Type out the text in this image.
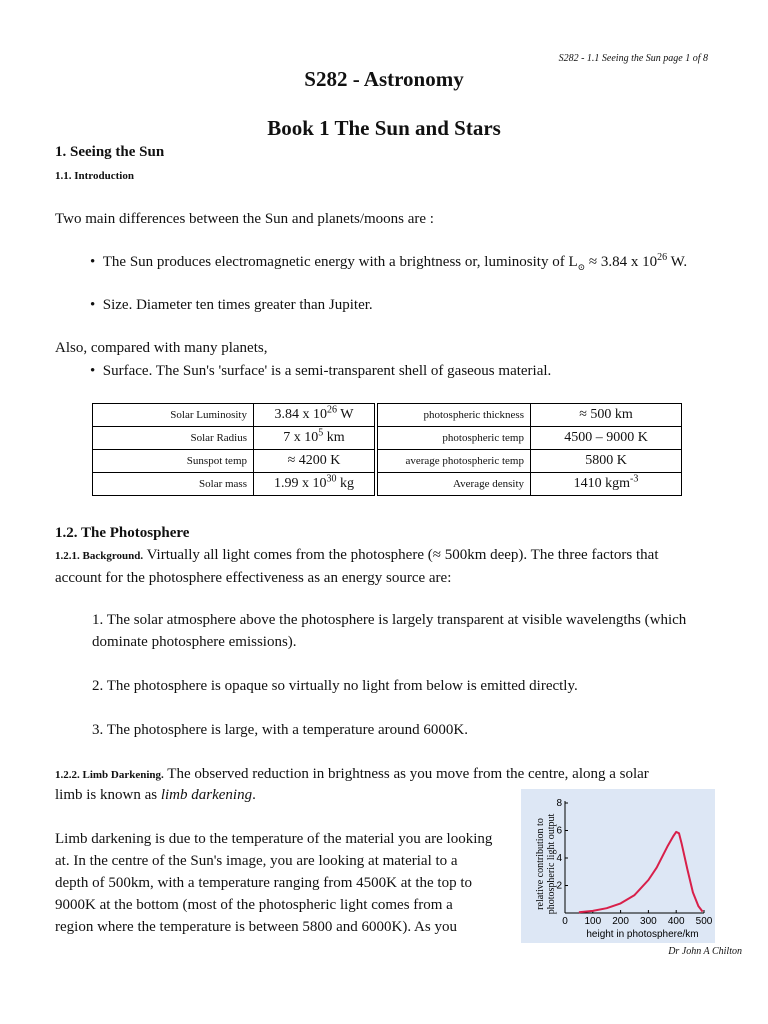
S282 - 1.1 Seeing the Sun page 1 of 8
S282 - Astronomy
Book 1 The Sun and Stars
1. Seeing the Sun
1.1. Introduction
Two main differences between the Sun and planets/moons are :
•  The Sun produces electromagnetic energy with a brightness or, luminosity of $L_⊙ \approx 3.84$ x $10^{26}$ W.
•  Size. Diameter ten times greater than Jupiter.
Also, compared with many planets,
•  Surface. The Sun's 'surface' is a semi-transparent shell of gaseous material.
Solar Luminosity	3.84 x $10^{26}$ W		photospheric thickness	≈ 500 km
Solar Radius	7 x $10^5$ km		photospheric temp	4500 – 9000 K
Sunspot temp	≈ 4200 K		average photospheric temp	5800 K
Solar mass	1.99 x $10^{30}$ kg		Average density	1410 kgm$^{-3}$
1.2. The Photosphere
1.2.1. Background. Virtually all light comes from the photosphere (≈ 500km deep). The three factors that
account for the photosphere effectiveness as an energy source are:
1. The solar atmosphere above the photosphere is largely transparent at visible wavelengths (which
dominate photosphere emissions).
2. The photosphere is opaque so virtually no light from below is emitted directly.
3. The photosphere is large, with a temperature around 6000K.
1.2.2. Limb Darkening. The observed reduction in brightness as you move from the centre, along a solar
limb is known as limb darkening.
Limb darkening is due to the temperature of the material you are looking
at. In the centre of the Sun's image, you are looking at material to a
depth of 500km, with a temperature ranging from 4500K at the top to
9000K at the bottom (most of the photospheric light comes from a
region where the temperature is between 5800 and 6000K). As you	0 100 200 300 400 500
2
4
6
8
height in photosphere/km
relative contribution tophotospheric light output
Dr John A Chilton
